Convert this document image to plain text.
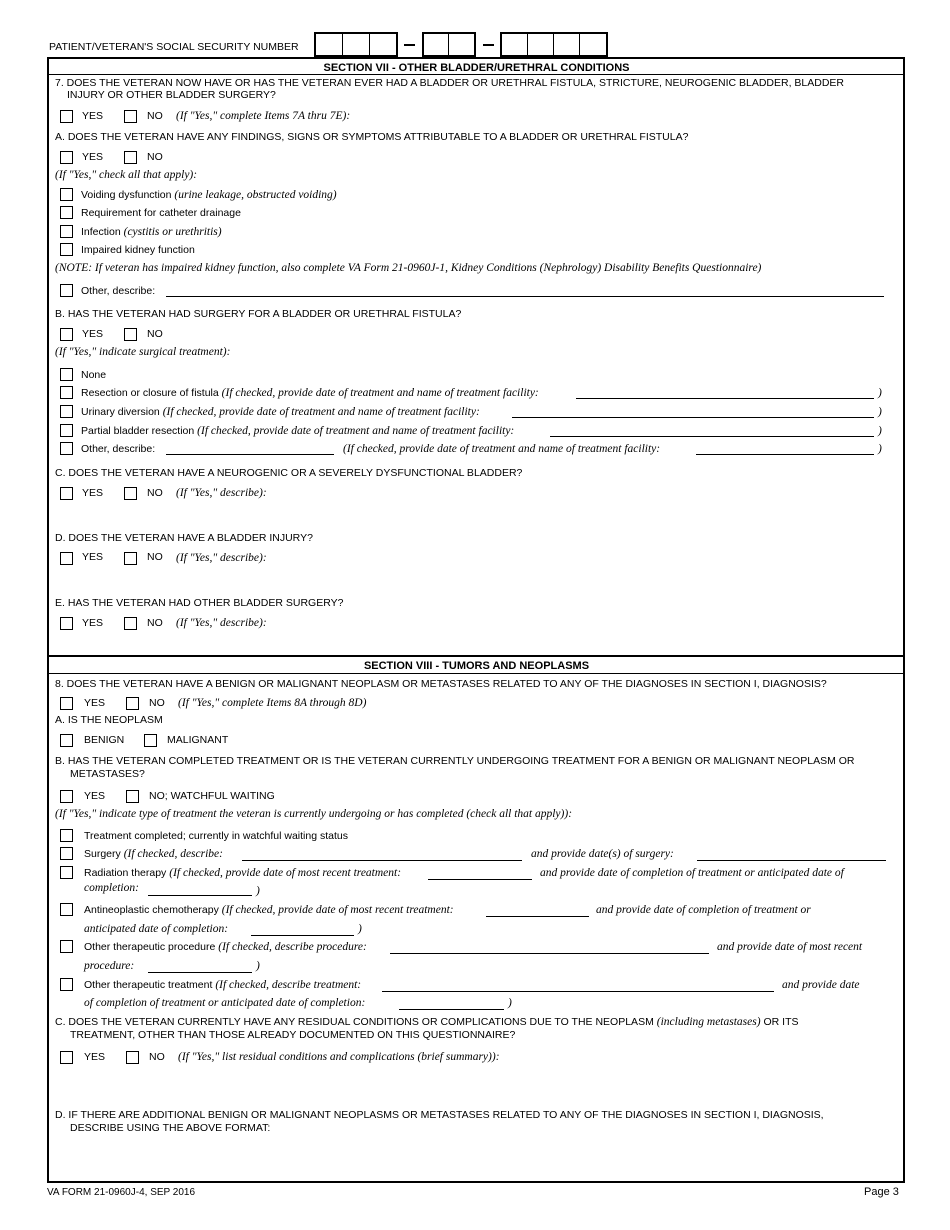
PATIENT/VETERAN'S SOCIAL SECURITY NUMBER
SECTION VII - OTHER BLADDER/URETHRAL CONDITIONS
7. DOES THE VETERAN NOW HAVE OR HAS THE VETERAN EVER HAD A BLADDER OR URETHRAL FISTULA, STRICTURE, NEUROGENIC BLADDER, BLADDER
INJURY OR OTHER BLADDER SURGERY?
YES	NO (If "Yes," complete Items 7A thru 7E):
A. DOES THE VETERAN HAVE ANY FINDINGS, SIGNS OR SYMPTOMS ATTRIBUTABLE TO A BLADDER OR URETHRAL FISTULA?
YES	NO
(If "Yes," check all that apply):
Voiding dysfunction (urine leakage, obstructed voiding)
Requirement for catheter drainage
Infection (cystitis or urethritis)
Impaired kidney function
(NOTE: If veteran has impaired kidney function, also complete VA Form 21-0960J-1, Kidney Conditions (Nephrology) Disability Benefits Questionnaire)
Other, describe:
B. HAS THE VETERAN HAD SURGERY FOR A BLADDER OR URETHRAL FISTULA?
YES	NO
(If "Yes," indicate surgical treatment):
None
Resection or closure of fistula (If checked, provide date of treatment and name of treatment facility:	)
Urinary diversion (If checked, provide date of treatment and name of treatment facility:	)
Partial bladder resection (If checked, provide date of treatment and name of treatment facility:	)
Other, describe:	(If checked, provide date of treatment and name of treatment facility:	)
C. DOES THE VETERAN HAVE A NEUROGENIC OR A SEVERELY DYSFUNCTIONAL BLADDER?
YES	NO (If "Yes," describe):
D. DOES THE VETERAN HAVE A BLADDER INJURY?
YES	NO (If "Yes," describe):
E. HAS THE VETERAN HAD OTHER BLADDER SURGERY?
YES	NO (If "Yes," describe):
SECTION VIII - TUMORS AND NEOPLASMS
8. DOES THE VETERAN HAVE A BENIGN OR MALIGNANT NEOPLASM OR METASTASES RELATED TO ANY OF THE DIAGNOSES IN SECTION I, DIAGNOSIS?
YES	NO (If "Yes," complete Items 8A through 8D)
A. IS THE NEOPLASM
BENIGN	MALIGNANT
B. HAS THE VETERAN COMPLETED TREATMENT OR IS THE VETERAN CURRENTLY UNDERGOING TREATMENT FOR A BENIGN OR MALIGNANT NEOPLASM OR
METASTASES?
YES	NO; WATCHFUL WAITING
(If "Yes," indicate type of treatment the veteran is currently undergoing or has completed (check all that apply)):
Treatment completed; currently in watchful waiting status
Surgery (If checked, describe:	and provide date(s) of surgery:
Radiation therapy (If checked, provide date of most recent treatment:	and provide date of completion of treatment or anticipated date of
completion:	)
Antineoplastic chemotherapy (If checked, provide date of most recent treatment:	and provide date of completion of treatment or
anticipated date of completion:	)
Other therapeutic procedure (If checked, describe procedure:	and provide date of most recent
procedure:	)
Other therapeutic treatment (If checked, describe treatment:	and provide date
of completion of treatment or anticipated date of completion:	)
C. DOES THE VETERAN CURRENTLY HAVE ANY RESIDUAL CONDITIONS OR COMPLICATIONS DUE TO THE NEOPLASM (including metastases) OR ITS
TREATMENT, OTHER THAN THOSE ALREADY DOCUMENTED ON THIS QUESTIONNAIRE?
YES	NO (If "Yes," list residual conditions and complications (brief summary)):
D. IF THERE ARE ADDITIONAL BENIGN OR MALIGNANT NEOPLASMS OR METASTASES RELATED TO ANY OF THE DIAGNOSES IN SECTION I, DIAGNOSIS,
DESCRIBE USING THE ABOVE FORMAT:
VA FORM 21-0960J-4, SEP 2016	Page 3
